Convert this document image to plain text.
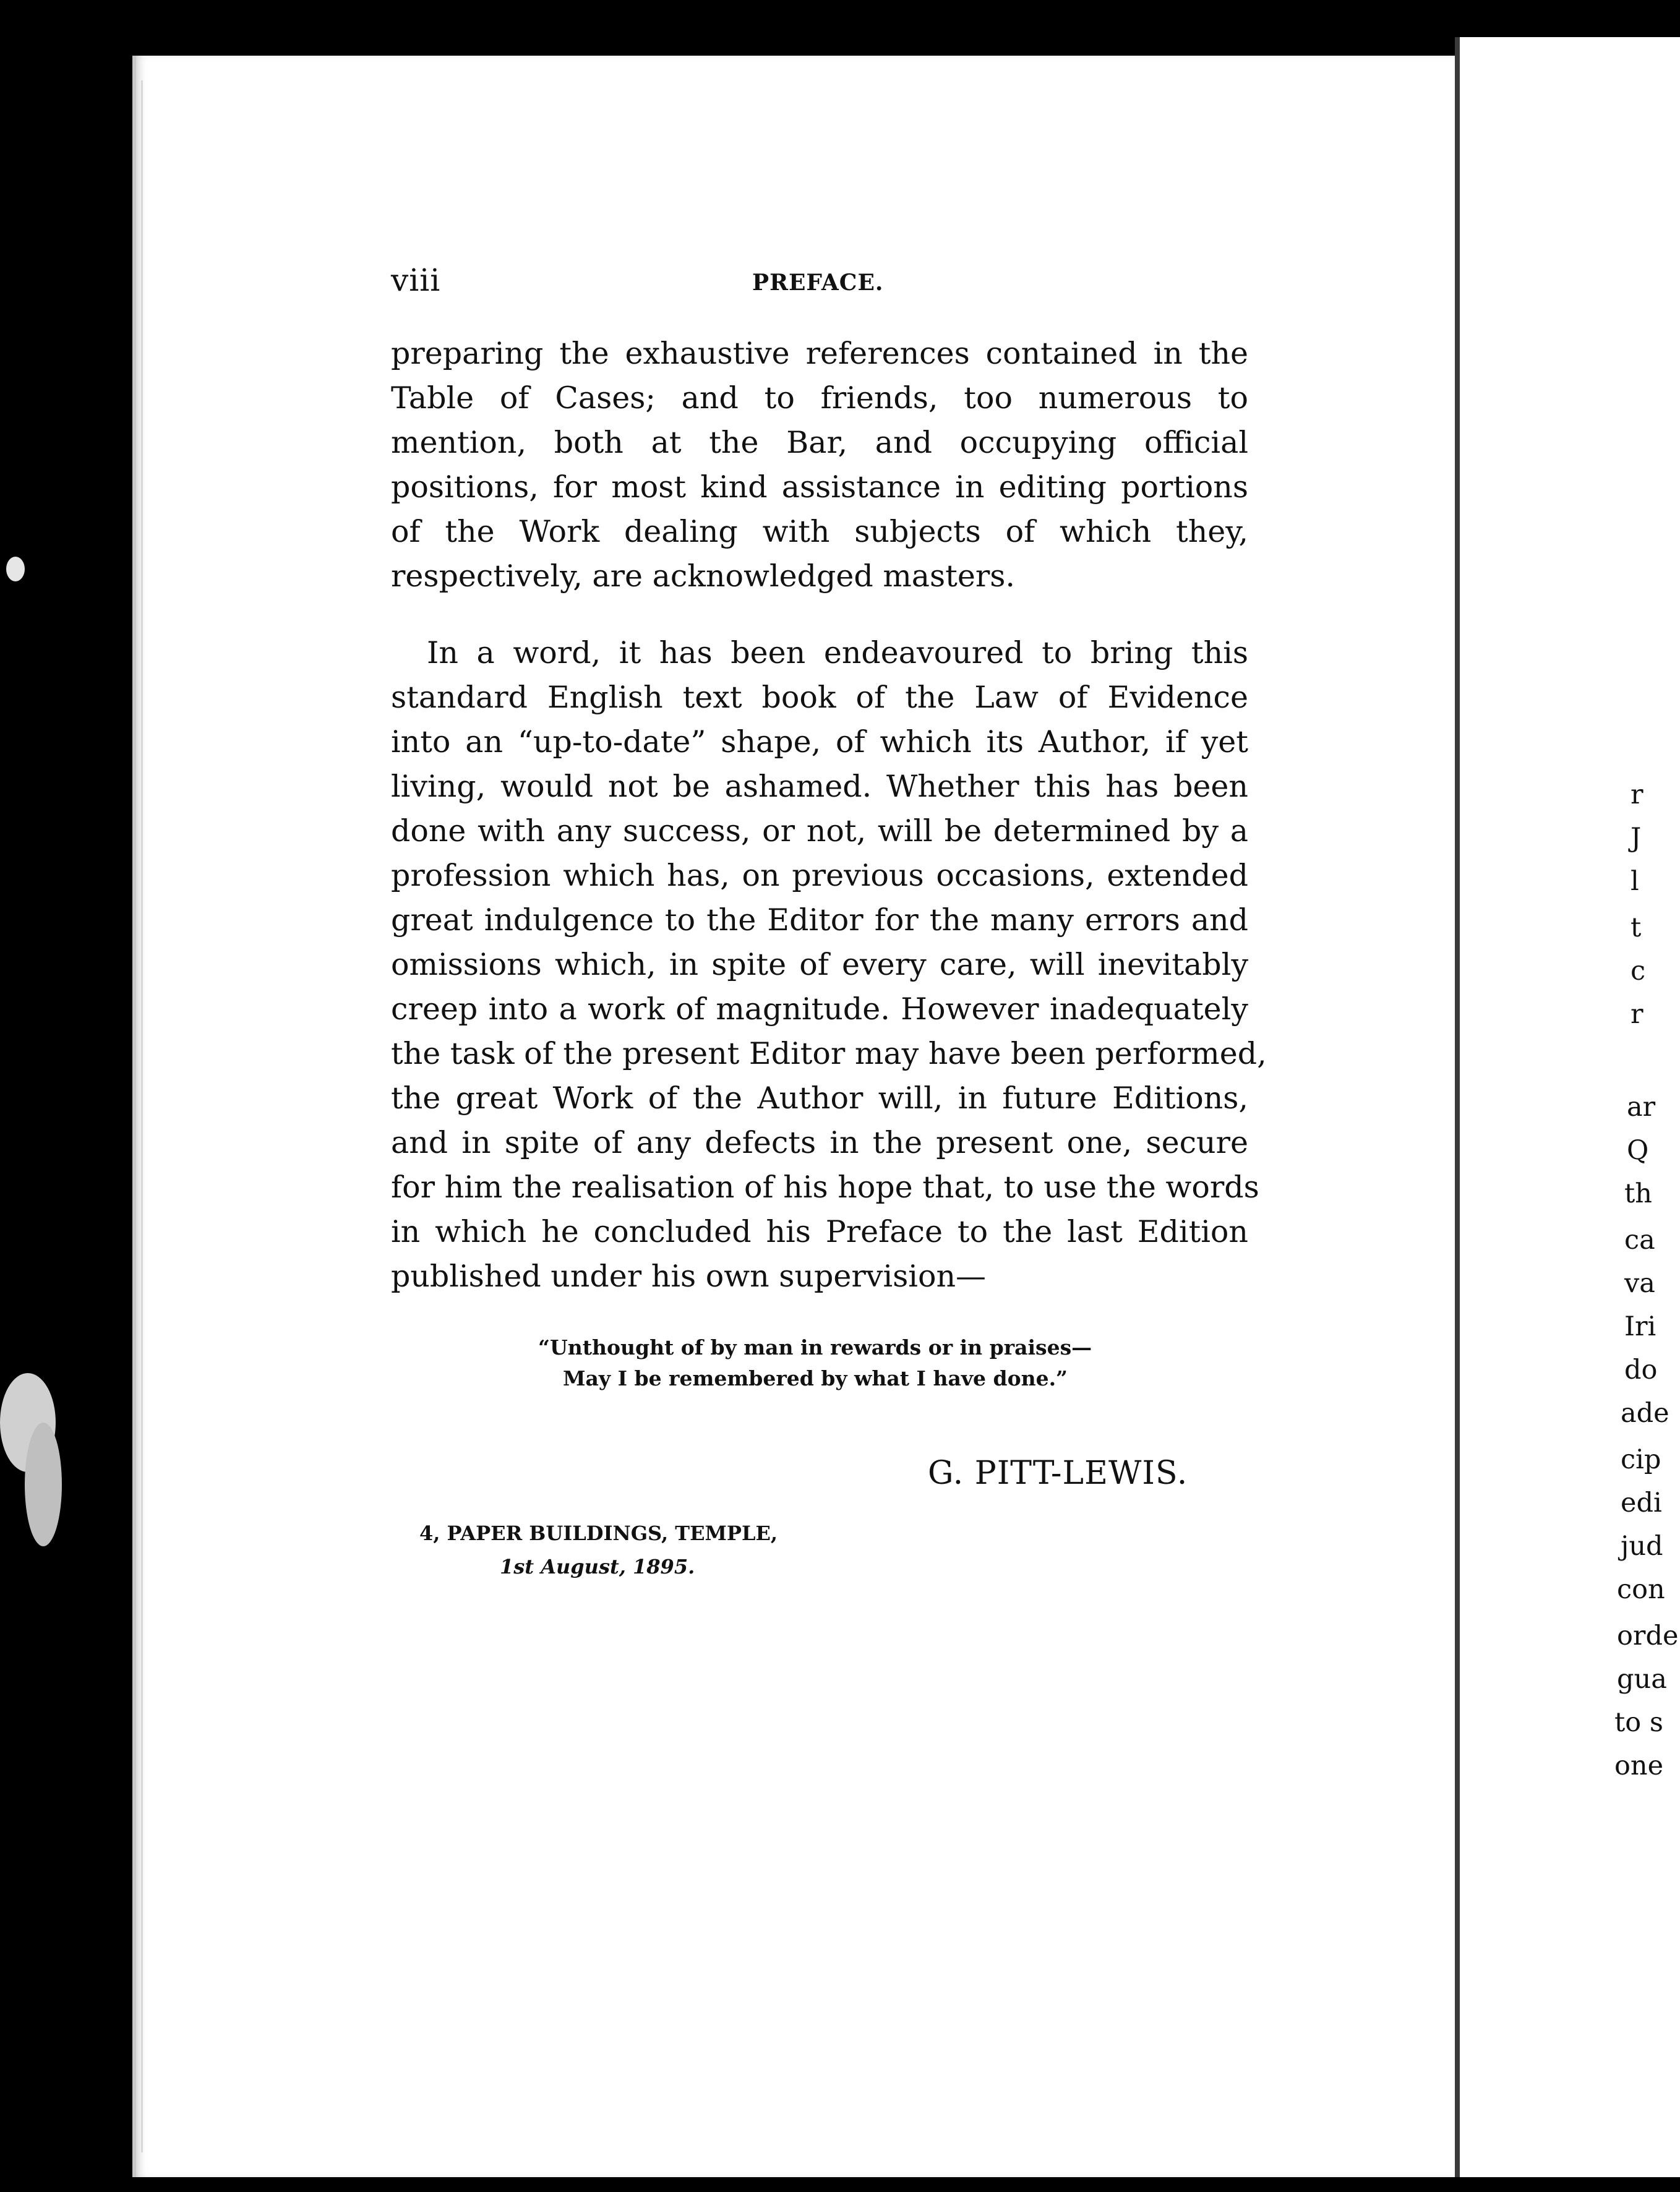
r
J
l
t
c
r
ar
Q
th
ca
va
Iri
do
ade
cip
edi
jud
con
orde
gua
to s
one
viii	PREFACE.
preparing the exhaustive references contained in the
Table of Cases; and to friends, too numerous to
mention, both at the Bar, and occupying official
positions, for most kind assistance in editing portions
of the Work dealing with subjects of which they,
respectively, are acknowledged masters.
In a word, it has been endeavoured to bring this
standard English text book of the Law of Evidence
into an “up-to-date” shape, of which its Author, if yet
living, would not be ashamed. Whether this has been
done with any success, or not, will be determined by a
profession which has, on previous occasions, extended
great indulgence to the Editor for the many errors and
omissions which, in spite of every care, will inevitably
creep into a work of magnitude. However inadequately
the task of the present Editor may have been performed,
the great Work of the Author will, in future Editions,
and in spite of any defects in the present one, secure
for him the realisation of his hope that, to use the words
in which he concluded his Preface to the last Edition
published under his own supervision—
“Unthought of by man in rewards or in praises—
May I be remembered by what I have done.”
G. PITT-LEWIS.
4, PAPER BUILDINGS, TEMPLE,
1st August, 1895.
